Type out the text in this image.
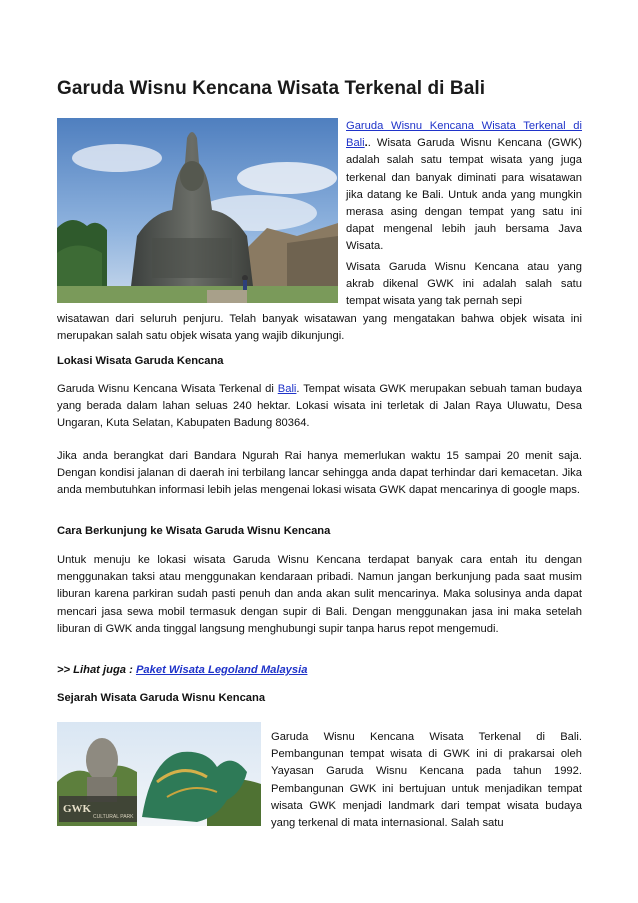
Garuda Wisnu Kencana Wisata Terkenal di Bali
Garuda Wisnu Kencana Wisata Terkenal di Bali.. Wisata Garuda Wisnu Kencana (GWK) adalah salah satu tempat wisata yang juga terkenal dan banyak diminati para wisatawan jika datang ke Bali. Untuk anda yang mungkin merasa asing dengan tempat yang satu ini dapat mengenal lebih jauh bersama Java Wisata.
Wisata Garuda Wisnu Kencana atau yang akrab dikenal GWK ini adalah salah satu tempat wisata yang tak pernah sepi
wisatawan dari seluruh penjuru. Telah banyak wisatawan yang mengatakan bahwa objek wisata ini merupakan salah satu objek wisata yang wajib dikunjungi.
Lokasi Wisata Garuda Kencana
Garuda Wisnu Kencana Wisata Terkenal di Bali. Tempat wisata GWK merupakan sebuah taman budaya yang berada dalam lahan seluas 240 hektar. Lokasi wisata ini terletak di Jalan Raya Uluwatu, Desa Ungaran, Kuta Selatan, Kabupaten Badung 80364.
Jika anda berangkat dari Bandara Ngurah Rai hanya memerlukan waktu 15 sampai 20 menit saja. Dengan kondisi jalanan di daerah ini terbilang lancar sehingga anda dapat terhindar dari kemacetan. Jika anda membutuhkan informasi lebih jelas mengenai lokasi wisata GWK dapat mencarinya di google maps.
Cara Berkunjung ke Wisata Garuda Wisnu Kencana
Untuk menuju ke lokasi wisata Garuda Wisnu Kencana terdapat banyak cara entah itu dengan menggunakan taksi atau menggunakan kendaraan pribadi. Namun jangan berkunjung pada saat musim liburan karena parkiran sudah pasti penuh dan anda akan sulit mencarinya. Maka solusinya anda dapat mencari jasa sewa mobil termasuk dengan supir di Bali. Dengan menggunakan jasa ini maka setelah liburan di GWK anda tinggal langsung menghubungi supir tanpa harus repot mengemudi.
>> Lihat juga : Paket Wisata Legoland Malaysia
Sejarah Wisata Garuda Wisnu Kencana
GWK
CULTURAL PARK
Garuda Wisnu Kencana Wisata Terkenal di Bali. Pembangunan tempat wisata di GWK ini di prakarsai oleh Yayasan Garuda Wisnu Kencana pada tahun 1992. Pembangunan GWK ini bertujuan untuk menjadikan tempat wisata GWK menjadi landmark dari tempat wisata budaya yang terkenal di mata internasional. Salah satu
